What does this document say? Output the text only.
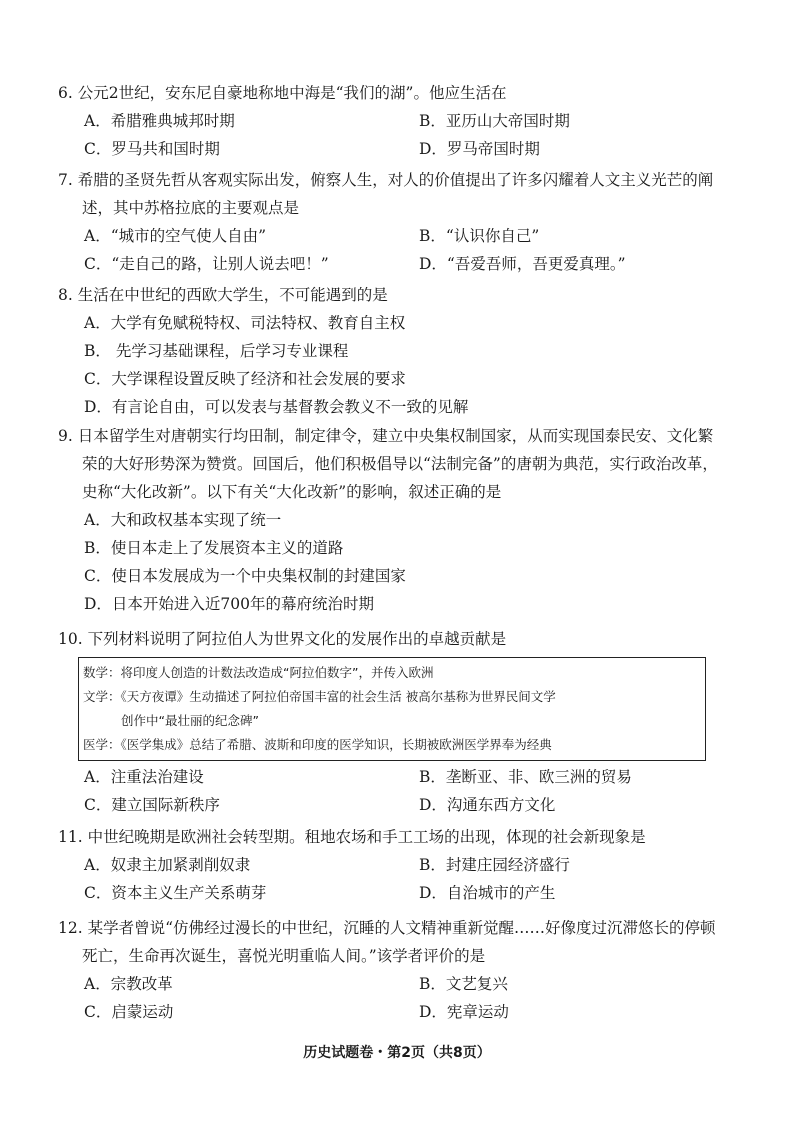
6. 公元2世纪，安东尼自豪地称地中海是“我们的湖”。他应生活在

A．希腊雅典城邦时期	B．亚历山大帝国时期
C．罗马共和国时期	D．罗马帝国时期

7. 希腊的圣贤先哲从客观实际出发，俯察人生，对人的价值提出了许多闪耀着人文主义光芒的阐

述，其中苏格拉底的主要观点是

A．“城市的空气使人自由”	B．“认识你自己”
C．“走自己的路，让别人说去吧！”	D．“吾爱吾师，吾更爱真理。”

8. 生活在中世纪的西欧大学生，不可能遇到的是

A．大学有免赋税特权、司法特权、教育自主权
B． 先学习基础课程，后学习专业课程
C．大学课程设置反映了经济和社会发展的要求
D．有言论自由，可以发表与基督教会教义不一致的见解

9. 日本留学生对唐朝实行均田制，制定律令，建立中央集权制国家，从而实现国泰民安、文化繁

荣的大好形势深为赞赏。回国后，他们积极倡导以“法制完备”的唐朝为典范，实行政治改革，

史称“大化改新”。以下有关“大化改新”的影响，叙述正确的是

A．大和政权基本实现了统一
B．使日本走上了发展资本主义的道路
C．使日本发展成为一个中央集权制的封建国家
D．日本开始进入近700年的幕府统治时期

10. 下列材料说明了阿拉伯人为世界文化的发展作出的卓越贡献是

数学：将印度人创造的计数法改造成“阿拉伯数字”，并传入欧洲
文学：《天方夜谭》生动描述了阿拉伯帝国丰富的社会生活 被高尔基称为世界民间文学
创作中“最壮丽的纪念碑”
医学：《医学集成》总结了希腊、波斯和印度的医学知识，长期被欧洲医学界奉为经典
A．注重法治建设	B．垄断亚、非、欧三洲的贸易
C．建立国际新秩序	D．沟通东西方文化

11. 中世纪晚期是欧洲社会转型期。租地农场和手工工场的出现，体现的社会新现象是

A．奴隶主加紧剥削奴隶	B．封建庄园经济盛行
C．资本主义生产关系萌芽	D．自治城市的产生

12. 某学者曾说“仿佛经过漫长的中世纪，沉睡的人文精神重新觉醒……好像度过沉滞悠长的停顿

死亡，生命再次诞生，喜悦光明重临人间。”该学者评价的是

A．宗教改革	B．文艺复兴
C．启蒙运动	D．宪章运动
历史试题卷・第2页（共8页）
